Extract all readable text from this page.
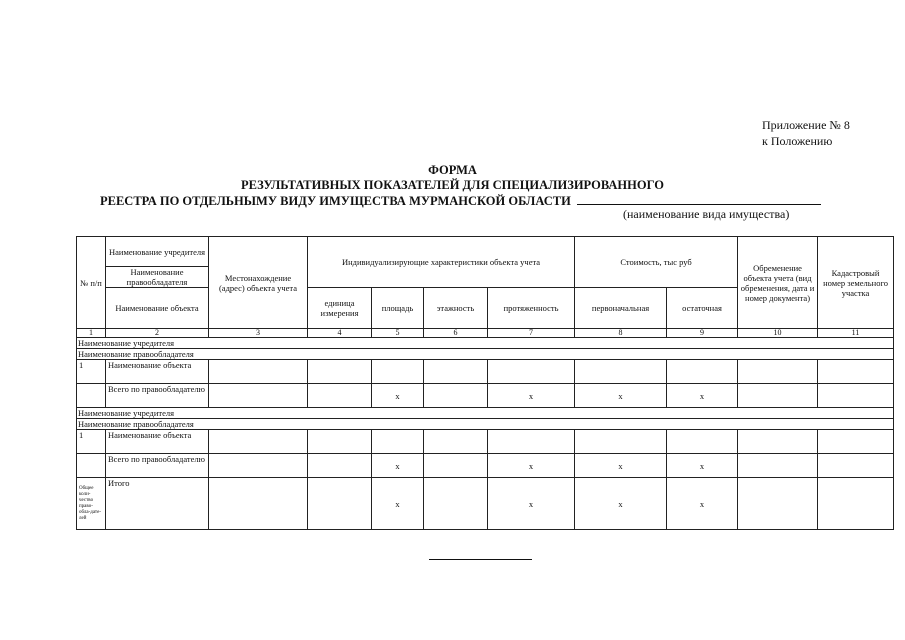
Приложение № 8
к Положению
ФОРМА
РЕЗУЛЬТАТИВНЫХ ПОКАЗАТЕЛЕЙ ДЛЯ СПЕЦИАЛИЗИРОВАННОГО
РЕЕСТРА ПО ОТДЕЛЬНЫМУ ВИДУ ИМУЩЕСТВА МУРМАНСКОЙ ОБЛАСТИ
(наименование вида имущества)
№ п/п	Наименование учредителя	Местонахождение (адрес) объекта учета	Индивидуализирующие характеристики объекта учета				Стоимость, тыс руб		Обременение объекта учета (вид обременения, дата и номер документа)	Кадастровый номер земельного участка
	Наименование правообладателя									
	Наименование объекта		единица измерения	площадь	этажность	протяженность	первоначальная	остаточная		
1	2	3	4	5	6	7	8	9	10	11
Наименование учредителя										
Наименование правообладателя										
1	Наименование объекта									
	Всего по правообладателю			x		x	x	x		
Наименование учредителя										
Наименование правообладателя										
1	Наименование объекта									
	Всего по правообладателю			x		x	x	x		
Общее коли-чество право-обла-дате-лей	Итого			x		x	x	x		
